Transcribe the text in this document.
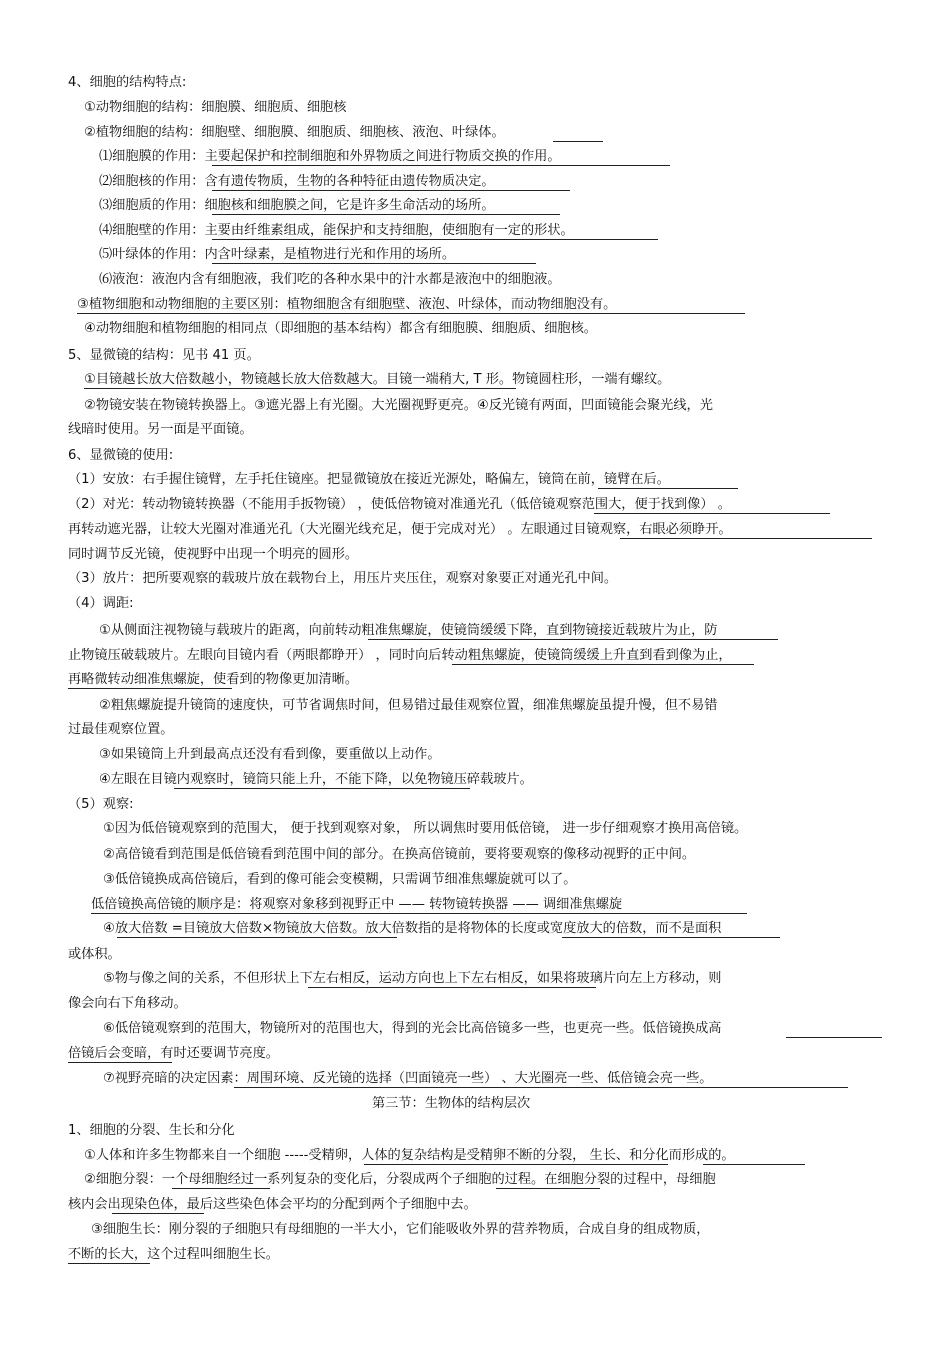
4、细胞的结构特点:
①动物细胞的结构：细胞膜、细胞质、细胞核
②植物细胞的结构：细胞壁、细胞膜、细胞质、细胞核、液泡、叶绿体。
⑴细胞膜的作用：主要起保护和控制细胞和外界物质之间进行物质交换的作用。
⑵细胞核的作用：含有遗传物质，生物的各种特征由遗传物质决定。
⑶细胞质的作用：细胞核和细胞膜之间，它是许多生命活动的场所。
⑷细胞壁的作用：主要由纤维素组成，能保护和支持细胞，使细胞有一定的形状。
⑸叶绿体的作用：内含叶绿素，是植物进行光和作用的场所。
⑹液泡：液泡内含有细胞液，我们吃的各种水果中的汁水都是液泡中的细胞液。
③植物细胞和动物细胞的主要区别：植物细胞含有细胞壁、液泡、叶绿体，而动物细胞没有。
④动物细胞和植物细胞的相同点（即细胞的基本结构）都含有细胞膜、细胞质、细胞核。
5、显微镜的结构：见书 41 页。
①目镜越长放大倍数越小，物镜越长放大倍数越大。目镜一端稍大, T 形。物镜圆柱形，一端有螺纹。
②物镜安装在物镜转换器上。③遮光器上有光圈。大光圈视野更亮。④反光镜有两面，凹面镜能会聚光线，光
线暗时使用。另一面是平面镜。
6、显微镜的使用:
（1）安放：右手握住镜臂，左手托住镜座。把显微镜放在接近光源处，略偏左，镜筒在前，镜臂在后。
（2）对光：转动物镜转换器（不能用手扳物镜） ，使低倍物镜对准通光孔（低倍镜观察范围大，便于找到像） 。
再转动遮光器，让较大光圈对准通光孔（大光圈光线充足，便于完成对光） 。左眼通过目镜观察，右眼必须睁开。
同时调节反光镜，使视野中出现一个明亮的圆形。
（3）放片：把所要观察的载玻片放在载物台上，用压片夹压住，观察对象要正对通光孔中间。
（4）调距:
①从侧面注视物镜与载玻片的距离，向前转动粗准焦螺旋，使镜筒缓缓下降，直到物镜接近载玻片为止，防
止物镜压破载玻片。左眼向目镜内看（两眼都睁开） ，同时向后转动粗焦螺旋，使镜筒缓缓上升直到看到像为止，
再略微转动细准焦螺旋，使看到的物像更加清晰。
②粗焦螺旋提升镜筒的速度快，可节省调焦时间，但易错过最佳观察位置，细准焦螺旋虽提升慢，但不易错
过最佳观察位置。
③如果镜筒上升到最高点还没有看到像，要重做以上动作。
④左眼在目镜内观察时，镜筒只能上升，不能下降，以免物镜压碎载玻片。
（5）观察:
①因为低倍镜观察到的范围大， 便于找到观察对象， 所以调焦时要用低倍镜， 进一步仔细观察才换用高倍镜。
②高倍镜看到范围是低倍镜看到范围中间的部分。在换高倍镜前，要将要观察的像移动视野的正中间。
③低倍镜换成高倍镜后，看到的像可能会变模糊，只需调节细准焦螺旋就可以了。
低倍镜换高倍镜的顺序是：将观察对象移到视野正中 —— 转物镜转换器 —— 调细准焦螺旋
④放大倍数 =目镜放大倍数×物镜放大倍数。放大倍数指的是将物体的长度或宽度放大的倍数，而不是面积
或体积。
⑤物与像之间的关系，不但形状上下左右相反，运动方向也上下左右相反，如果将玻璃片向左上方移动，则
像会向右下角移动。
⑥低倍镜观察到的范围大，物镜所对的范围也大，得到的光会比高倍镜多一些，也更亮一些。低倍镜换成高
倍镜后会变暗，有时还要调节亮度。
⑦视野亮暗的决定因素：周围环境、反光镜的选择（凹面镜亮一些） 、大光圈亮一些、低倍镜会亮一些。
第三节：生物体的结构层次
1、细胞的分裂、生长和分化
①人体和许多生物都来自一个细胞 -----受精卵，人体的复杂结构是受精卵不断的分裂， 生长、和分化而形成的。
②细胞分裂：一个母细胞经过一系列复杂的变化后，分裂成两个子细胞的过程。在细胞分裂的过程中，母细胞
核内会出现染色体，最后这些染色体会平均的分配到两个子细胞中去。
③细胞生长：刚分裂的子细胞只有母细胞的一半大小，它们能吸收外界的营养物质，合成自身的组成物质，
不断的长大，这个过程叫细胞生长。
